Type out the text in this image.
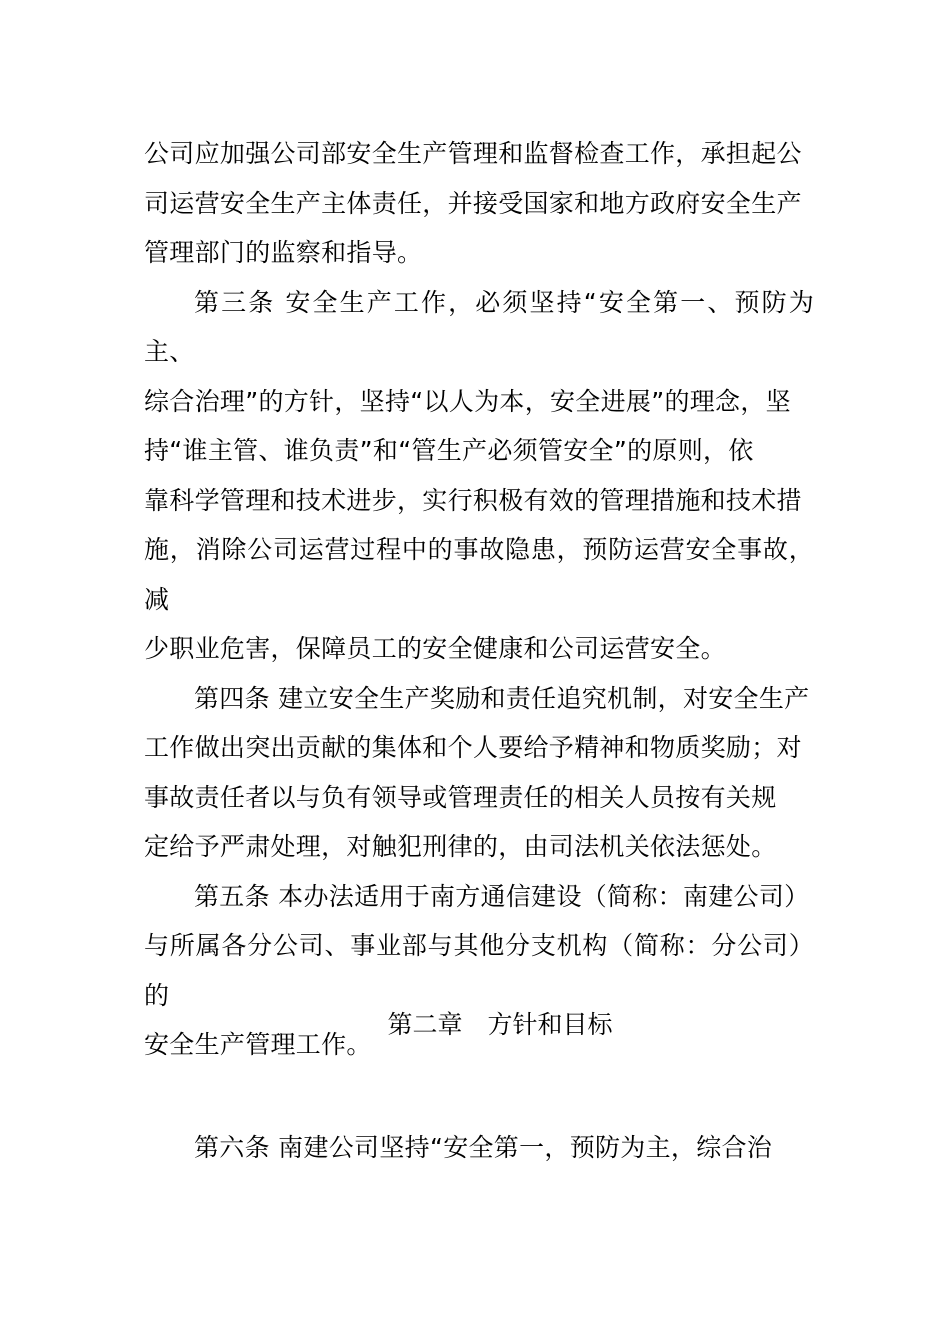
公司应加强公司部安全生产管理和监督检查工作，承担起公
司运营安全生产主体责任，并接受国家和地方政府安全生产
管理部门的监察和指导。

第三条 安全生产工作，必须坚持“安全第一、预防为主、
综合治理”的方针，坚持“以人为本，安全进展”的理念，坚
持“谁主管、谁负责”和“管生产必须管安全”的原则，依
靠科学管理和技术进步，实行积极有效的管理措施和技术措
施，消除公司运营过程中的事故隐患，预防运营安全事故，减
少职业危害，保障员工的安全健康和公司运营安全。

第四条 建立安全生产奖励和责任追究机制，对安全生产
工作做出突出贡献的集体和个人要给予精神和物质奖励；对
事故责任者以与负有领导或管理责任的相关人员按有关规
定给予严肃处理，对触犯刑律的，由司法机关依法惩处。

第五条 本办法适用于南方通信建设（简称：南建公司）
与所属各分公司、事业部与其他分支机构（简称：分公司）的
安全生产管理工作。

第二章　方针和目标

第六条 南建公司坚持“安全第一，预防为主，综合治
